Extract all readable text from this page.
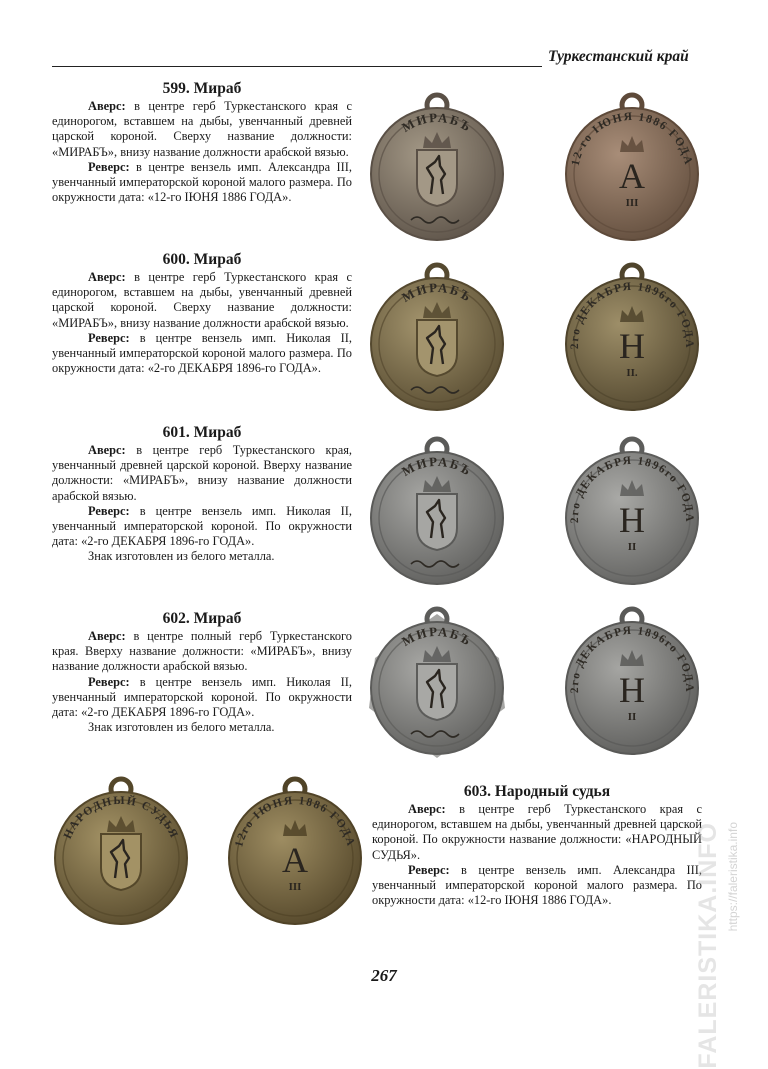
Туркестанский край
599. Мираб

Аверс: в центре герб Туркестанского края с единорогом, вставшем на дыбы, увенчанный древней царской короной. Сверху название должности: «МИРАБЪ», внизу название должности арабской вязью.

Реверс: в центре вензель имп. Александра III, увенчанный императорской короной малого размера. По окружности дата: «12-го ІЮНЯ 1886 ГОДА».

600. Мираб

Аверс: в центре герб Туркестанского края с единорогом, вставшем на дыбы, увенчанный древней царской короной. Сверху название должности: «МИРАБЪ», внизу название должности арабской вязью.

Реверс: в центре вензель имп. Николая II, увенчанный императорской короной малого размера. По окружности дата: «2-го ДЕКАБРЯ 1896-го ГОДА».

601. Мираб

Аверс: в центре герб Туркестанского края, увенчанный древней царской короной. Вверху название должности: «МИРАБЪ», внизу название должности арабской вязью.

Реверс: в центре вензель имп. Николая II, увенчанный императорской короной. По окружности дата: «2-го ДЕКАБРЯ 1896-го ГОДА».

Знак изготовлен из белого металла.

602. Мираб

Аверс: в центре полный герб Туркестанского края. Вверху название должности: «МИРАБЪ», внизу название должности арабской вязью.

Реверс: в центре вензель имп. Николая II, увенчанный императорской короной. По окружности дата: «2-го ДЕКАБРЯ 1896-го ГОДА».

Знак изготовлен из белого металла.

603. Народный судья

Аверс: в центре герб Туркестанского края с единорогом, вставшем на дыбы, увенчанный древней царской короной. По окружности название должности: «НАРОДНЫЙ СУДЬЯ».

Реверс: в центре вензель имп. Александра III, увенчанный императорской короной малого размера. По окружности дата: «12-го ІЮНЯ 1886 ГОДА».

МИРАБЪ
12-го ІЮНЯ 1886 ГОДА
A
III
МИРАБЪ
2го ДЕКАБРЯ 1896го ГОДА
Н
II.
МИРАБЪ
2го ДЕКАБРЯ 1896го ГОДА
Н
II
МИРАБЪ
2го ДЕКАБРЯ 1896го ГОДА
Н
II
НАРОДНЫЙ СУДЬЯ
12го ІЮНЯ 1886 ГОДА
A
III
267	FALERISTIKA.INFO https://faleristika.info
